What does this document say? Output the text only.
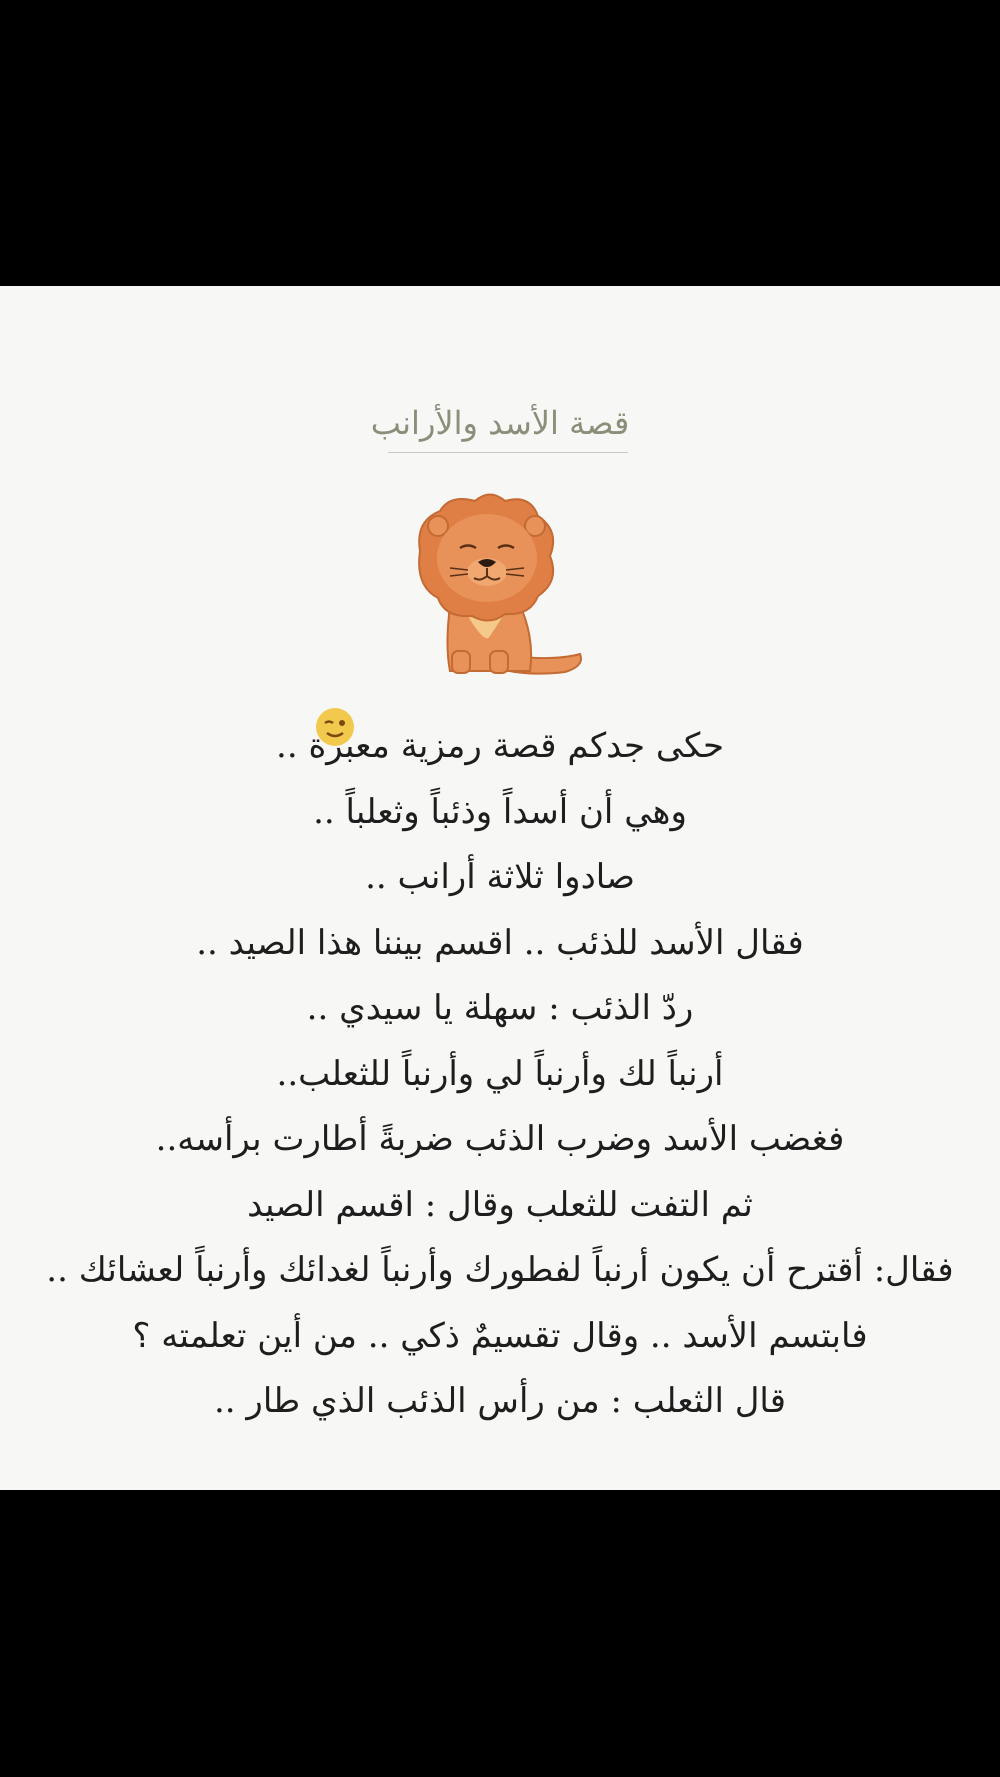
قصة الأسد والأرانب
حكى جدكم قصة رمزية معبرة ..
وهي أن أسداً وذئباً وثعلباً ..
صادوا ثلاثة أرانب ..
فقال الأسد للذئب .. اقسم بيننا هذا الصيد ..
ردّ الذئب : سهلة يا سيدي ..
أرنباً لك وأرنباً لي وأرنباً للثعلب..
فغضب الأسد وضرب الذئب ضربةً أطارت برأسه..
ثم التفت للثعلب وقال : اقسم الصيد
فقال: أقترح أن يكون أرنباً لفطورك وأرنباً لغدائك وأرنباً لعشائك ..
فابتسم الأسد .. وقال تقسيمٌ ذكي .. من أين تعلمته ؟
قال الثعلب : من رأس الذئب الذي طار ..
